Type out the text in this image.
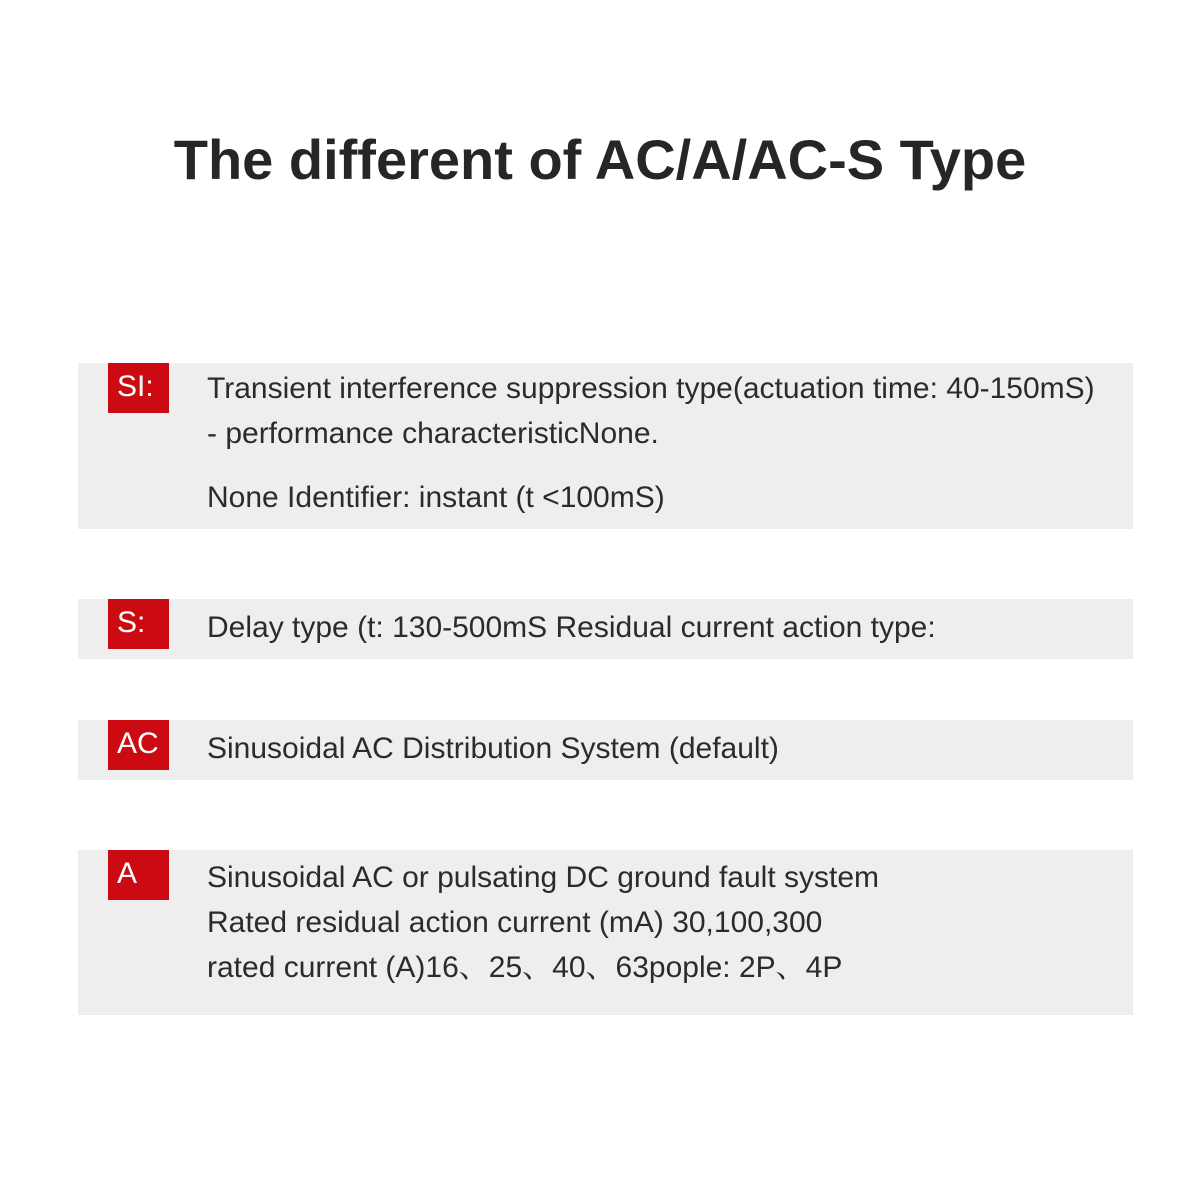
The different of AC/A/AC-S Type
SI:	Transient interference suppression type(actuation time: 40-150mS)
- performance characteristicNone.
None Identifier: instant (t <100mS)
S:	Delay type (t: 130-500mS Residual current action type:
AC	Sinusoidal AC Distribution System (default)
A	Sinusoidal AC or pulsating DC ground fault system
Rated residual action current (mA) 30,100,300
rated current (A)16、25、40、63pople: 2P、4P
